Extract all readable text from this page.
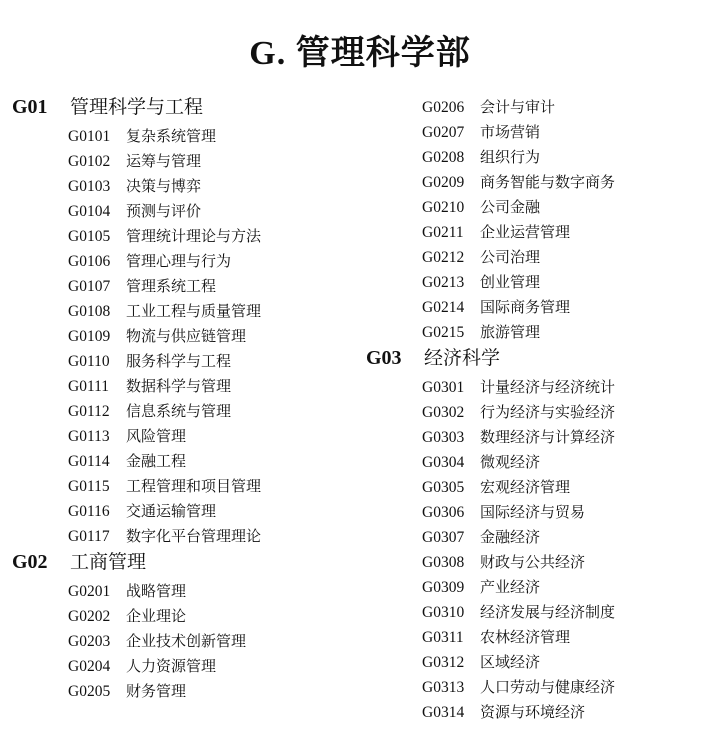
G. 管理科学部
G01 管理科学与工程
G0101 复杂系统管理
G0102 运筹与管理
G0103 决策与博弈
G0104 预测与评价
G0105 管理统计理论与方法
G0106 管理心理与行为
G0107 管理系统工程
G0108 工业工程与质量管理
G0109 物流与供应链管理
G0110 服务科学与工程
G0111 数据科学与管理
G0112 信息系统与管理
G0113 风险管理
G0114 金融工程
G0115 工程管理和项目管理
G0116 交通运输管理
G0117 数字化平台管理理论
G02 工商管理
G0201 战略管理
G0202 企业理论
G0203 企业技术创新管理
G0204 人力资源管理
G0205 财务管理
G0206 会计与审计
G0207 市场营销
G0208 组织行为
G0209 商务智能与数字商务
G0210 公司金融
G0211 企业运营管理
G0212 公司治理
G0213 创业管理
G0214 国际商务管理
G0215 旅游管理
G03 经济科学
G0301 计量经济与经济统计
G0302 行为经济与实验经济
G0303 数理经济与计算经济
G0304 微观经济
G0305 宏观经济管理
G0306 国际经济与贸易
G0307 金融经济
G0308 财政与公共经济
G0309 产业经济
G0310 经济发展与经济制度
G0311 农林经济管理
G0312 区域经济
G0313 人口劳动与健康经济
G0314 资源与环境经济
